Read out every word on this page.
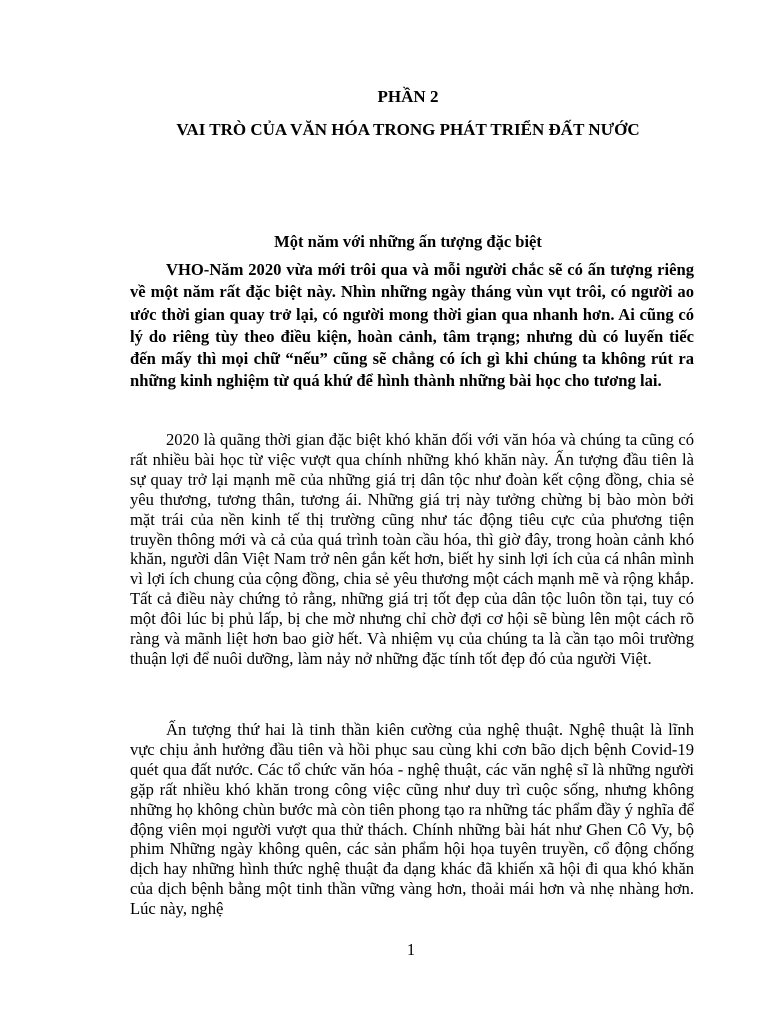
PHẦN 2
VAI TRÒ CỦA VĂN HÓA TRONG PHÁT TRIỂN ĐẤT NƯỚC
Một năm với những ấn tượng đặc biệt

VHO-Năm 2020 vừa mới trôi qua và mỗi người chắc sẽ có ấn tượng riêng về một năm rất đặc biệt này. Nhìn những ngày tháng vùn vụt trôi, có người ao ước thời gian quay trở lại, có người mong thời gian qua nhanh hơn. Ai cũng có lý do riêng tùy theo điều kiện, hoàn cảnh, tâm trạng; nhưng dù có luyến tiếc đến mấy thì mọi chữ “nếu” cũng sẽ chẳng có ích gì khi chúng ta không rút ra những kinh nghiệm từ quá khứ để hình thành những bài học cho tương lai.

2020 là quãng thời gian đặc biệt khó khăn đối với văn hóa và chúng ta cũng có rất nhiều bài học từ việc vượt qua chính những khó khăn này. Ấn tượng đầu tiên là sự quay trở lại mạnh mẽ của những giá trị dân tộc như đoàn kết cộng đồng, chia sẻ yêu thương, tương thân, tương ái. Những giá trị này tưởng chừng bị bào mòn bởi mặt trái của nền kinh tế thị trường cũng như tác động tiêu cực của phương tiện truyền thông mới và cả của quá trình toàn cầu hóa, thì giờ đây, trong hoàn cảnh khó khăn, người dân Việt Nam trở nên gắn kết hơn, biết hy sinh lợi ích của cá nhân mình vì lợi ích chung của cộng đồng, chia sẻ yêu thương một cách mạnh mẽ và rộng khắp. Tất cả điều này chứng tỏ rằng, những giá trị tốt đẹp của dân tộc luôn tồn tại, tuy có một đôi lúc bị phủ lấp, bị che mờ nhưng chỉ chờ đợi cơ hội sẽ bùng lên một cách rõ ràng và mãnh liệt hơn bao giờ hết. Và nhiệm vụ của chúng ta là cần tạo môi trường thuận lợi để nuôi dưỡng, làm nảy nở những đặc tính tốt đẹp đó của người Việt.

Ấn tượng thứ hai là tinh thần kiên cường của nghệ thuật. Nghệ thuật là lĩnh vực chịu ảnh hưởng đầu tiên và hồi phục sau cùng khi cơn bão dịch bệnh Covid-19 quét qua đất nước. Các tổ chức văn hóa - nghệ thuật, các văn nghệ sĩ là những người gặp rất nhiều khó khăn trong công việc cũng như duy trì cuộc sống, nhưng không những họ không chùn bước mà còn tiên phong tạo ra những tác phẩm đầy ý nghĩa để động viên mọi người vượt qua thử thách. Chính những bài hát như Ghen Cô Vy, bộ phim Những ngày không quên, các sản phẩm hội họa tuyên truyền, cổ động chống dịch hay những hình thức nghệ thuật đa dạng khác đã khiến xã hội đi qua khó khăn của dịch bệnh bằng một tinh thần vững vàng hơn, thoải mái hơn và nhẹ nhàng hơn. Lúc này, nghệ

1
